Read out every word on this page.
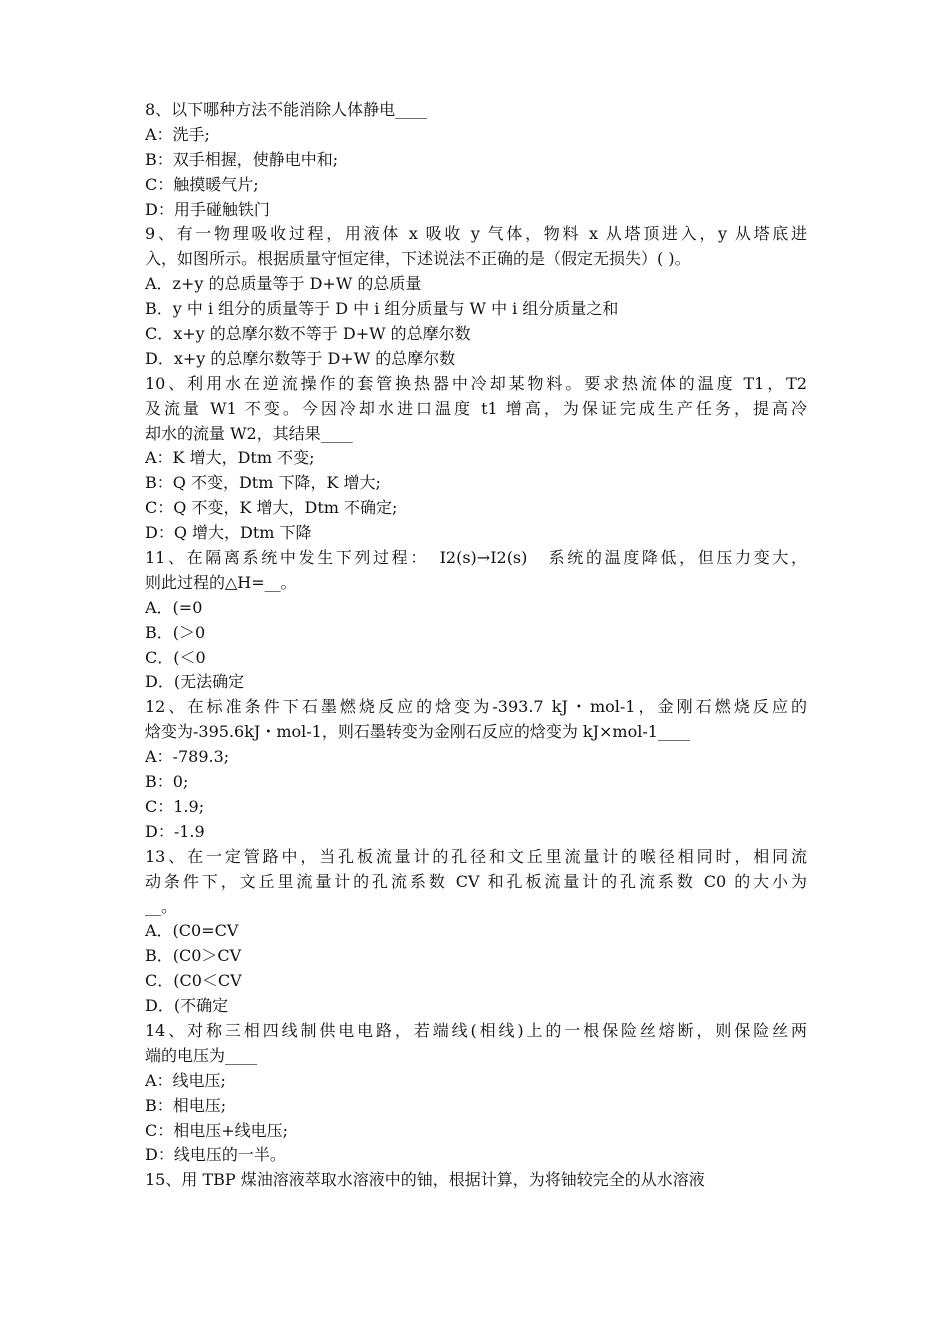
8、以下哪种方法不能消除人体静电____
A：洗手;
B：双手相握，使静电中和;
C：触摸暖气片;
D：用手碰触铁门
9、有一物理吸收过程，用液体 x 吸收 y 气体，物料 x 从塔顶进入，y 从塔底进
入，如图所示。根据质量守恒定律，下述说法不正确的是（假定无损失）( )。
A．z+y 的总质量等于 D+W 的总质量
B．y 中 i 组分的质量等于 D 中 i 组分质量与 W 中 i 组分质量之和
C．x+y 的总摩尔数不等于 D+W 的总摩尔数
D．x+y 的总摩尔数等于 D+W 的总摩尔数
10、利用水在逆流操作的套管换热器中冷却某物料。要求热流体的温度 T1，T2
及流量 W1 不变。今因冷却水进口温度 t1 增高，为保证完成生产任务，提高冷
却水的流量 W2，其结果____
A：K 增大，Dtm 不变;
B：Q 不变，Dtm 下降，K 增大;
C：Q 不变，K 增大，Dtm 不确定;
D：Q 增大，Dtm 下降
11、在隔离系统中发生下列过程：　I2(s)→I2(s)　系统的温度降低，但压力变大，
则此过程的△H=__。
A．(=0
B．(＞0
C．(＜0
D．(无法确定
12、在标准条件下石墨燃烧反应的焓变为-393.7 kJ・mol-1，金刚石燃烧反应的
焓变为-395.6kJ・mol-1，则石墨转变为金刚石反应的焓变为 kJ×mol-1____
A：-789.3;
B：0;
C：1.9;
D：-1.9
13、在一定管路中，当孔板流量计的孔径和文丘里流量计的喉径相同时，相同流
动条件下，文丘里流量计的孔流系数 CV 和孔板流量计的孔流系数 C0 的大小为
__。
A．(C0=CV
B．(C0＞CV
C．(C0＜CV
D．(不确定
14、对称三相四线制供电电路，若端线(相线)上的一根保险丝熔断，则保险丝两
端的电压为____
A：线电压;
B：相电压;
C：相电压+线电压;
D：线电压的一半。
15、用 TBP 煤油溶液萃取水溶液中的铀，根据计算，为将铀较完全的从水溶液
